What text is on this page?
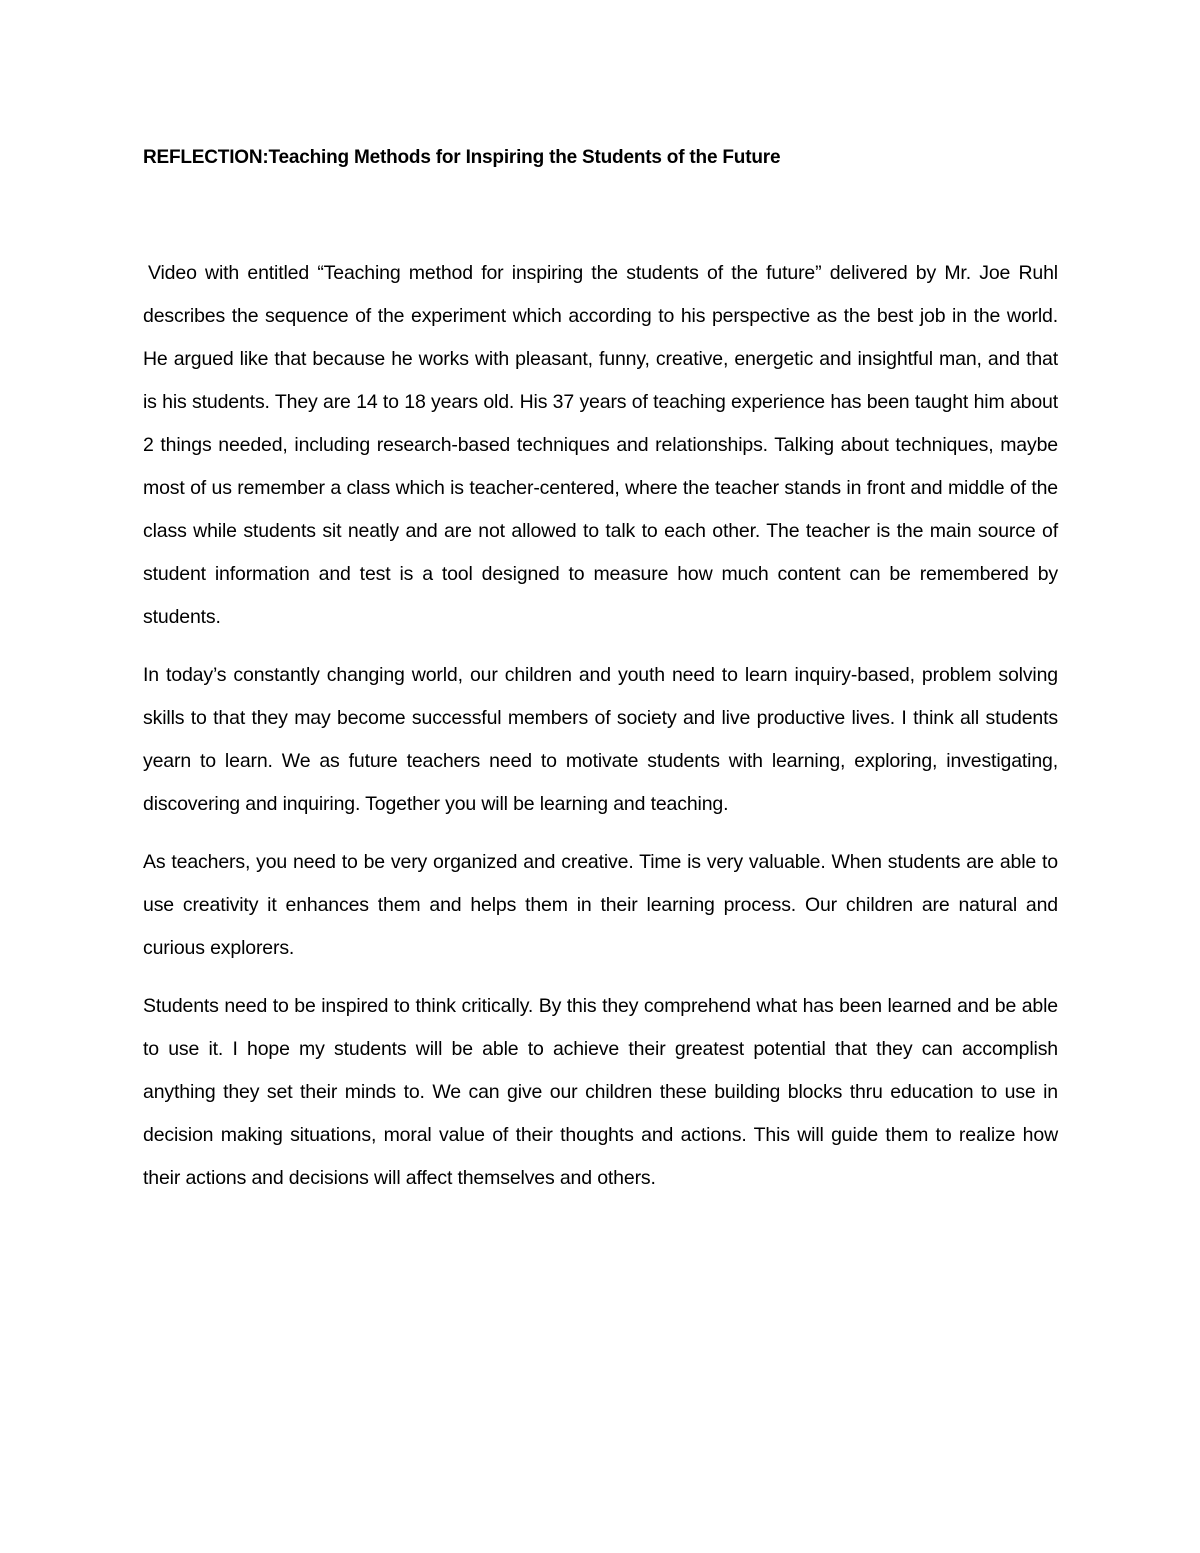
REFLECTION:Teaching Methods for Inspiring the Students of the Future

Video with entitled “Teaching method for inspiring the students of the future” delivered by Mr. Joe Ruhl describes the sequence of the experiment which according to his perspective as the best job in the world. He argued like that because he works with pleasant, funny, creative, energetic and insightful man, and that is his students. They are 14 to 18 years old. His 37 years of teaching experience has been taught him about 2 things needed, including research-based techniques and relationships. Talking about techniques, maybe most of us remember a class which is teacher-centered, where the teacher stands in front and middle of the class while students sit neatly and are not allowed to talk to each other. The teacher is the main source of student information and test is a tool designed to measure how much content can be remembered by students.

In today’s constantly changing world, our children and youth need to learn inquiry-based, problem solving skills to that they may become successful members of society and live productive lives. I think all students yearn to learn. We as future teachers need to motivate students with learning, exploring, investigating, discovering and inquiring. Together you will be learning and teaching.

As teachers, you need to be very organized and creative. Time is very valuable. When students are able to use creativity it enhances them and helps them in their learning process. Our children are natural and curious explorers.

Students need to be inspired to think critically. By this they comprehend what has been learned and be able to use it. I hope my students will be able to achieve their greatest potential that they can accomplish anything they set their minds to. We can give our children these building blocks thru education to use in decision making situations, moral value of their thoughts and actions. This will guide them to realize how their actions and decisions will affect themselves and others.
